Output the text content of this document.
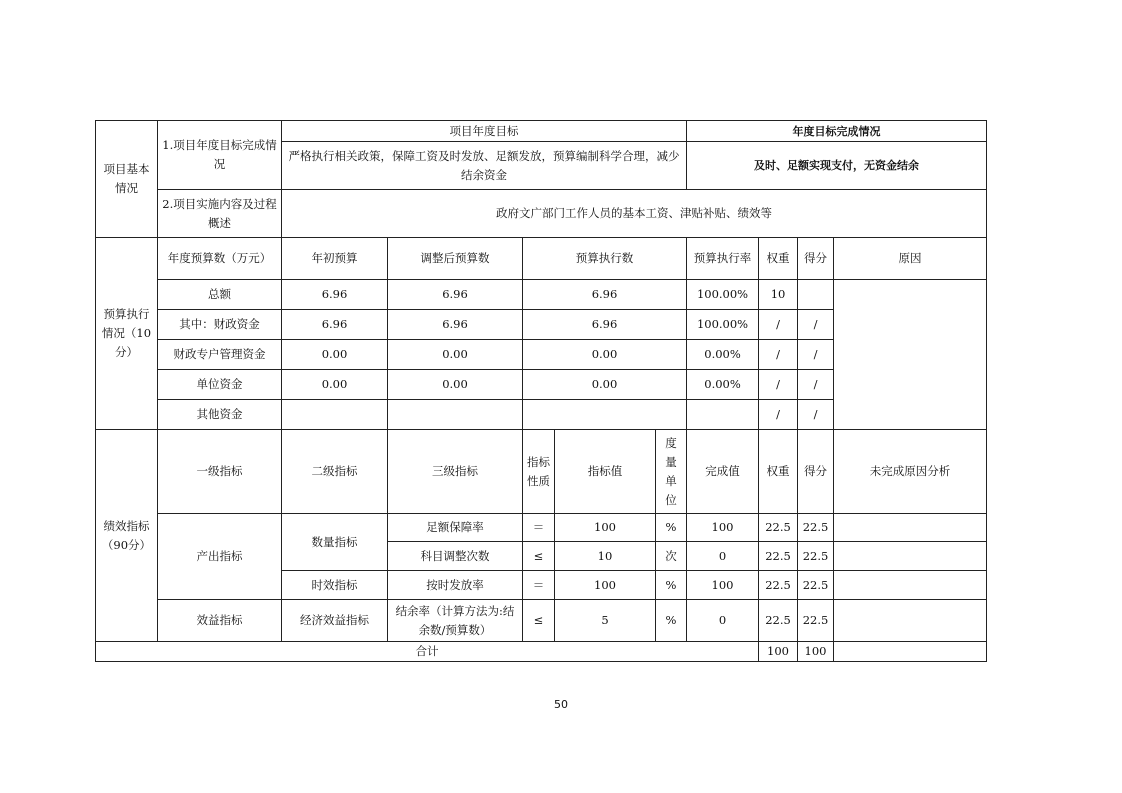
项目基本情况	1.项目年度目标完成情况	项目年度目标					年度目标完成情况			
		严格执行相关政策，保障工资及时发放、足额发放，预算编制科学合理，减少结余资金					及时、足额实现支付，无资金结余			
	2.项目实施内容及过程概述	政府文广部门工作人员的基本工资、津贴补贴、绩效等								
预算执行情况（10分）	年度预算数（万元）	年初预算	调整后预算数	预算执行数			预算执行率	权重	得分	原因
	总额	6.96	6.96	6.96			100.00%	10		
	其中：财政资金	6.96	6.96	6.96			100.00%	/	/	
	财政专户管理资金	0.00	0.00	0.00			0.00%	/	/	
	单位资金	0.00	0.00	0.00			0.00%	/	/	
	其他资金							/	/	
绩效指标（90分）	一级指标	二级指标	三级指标	指标性质	指标值	度量单位	完成值	权重	得分	未完成原因分析
	产出指标	数量指标	足额保障率	＝	100	%	100	22.5	22.5	
			科目调整次数	≤	10	次	0	22.5	22.5	
		时效指标	按时发放率	＝	100	%	100	22.5	22.5	
	效益指标	经济效益指标	结余率（计算方法为:结余数/预算数）	≤	5	%	0	22.5	22.5	
合计								100	100	
50
